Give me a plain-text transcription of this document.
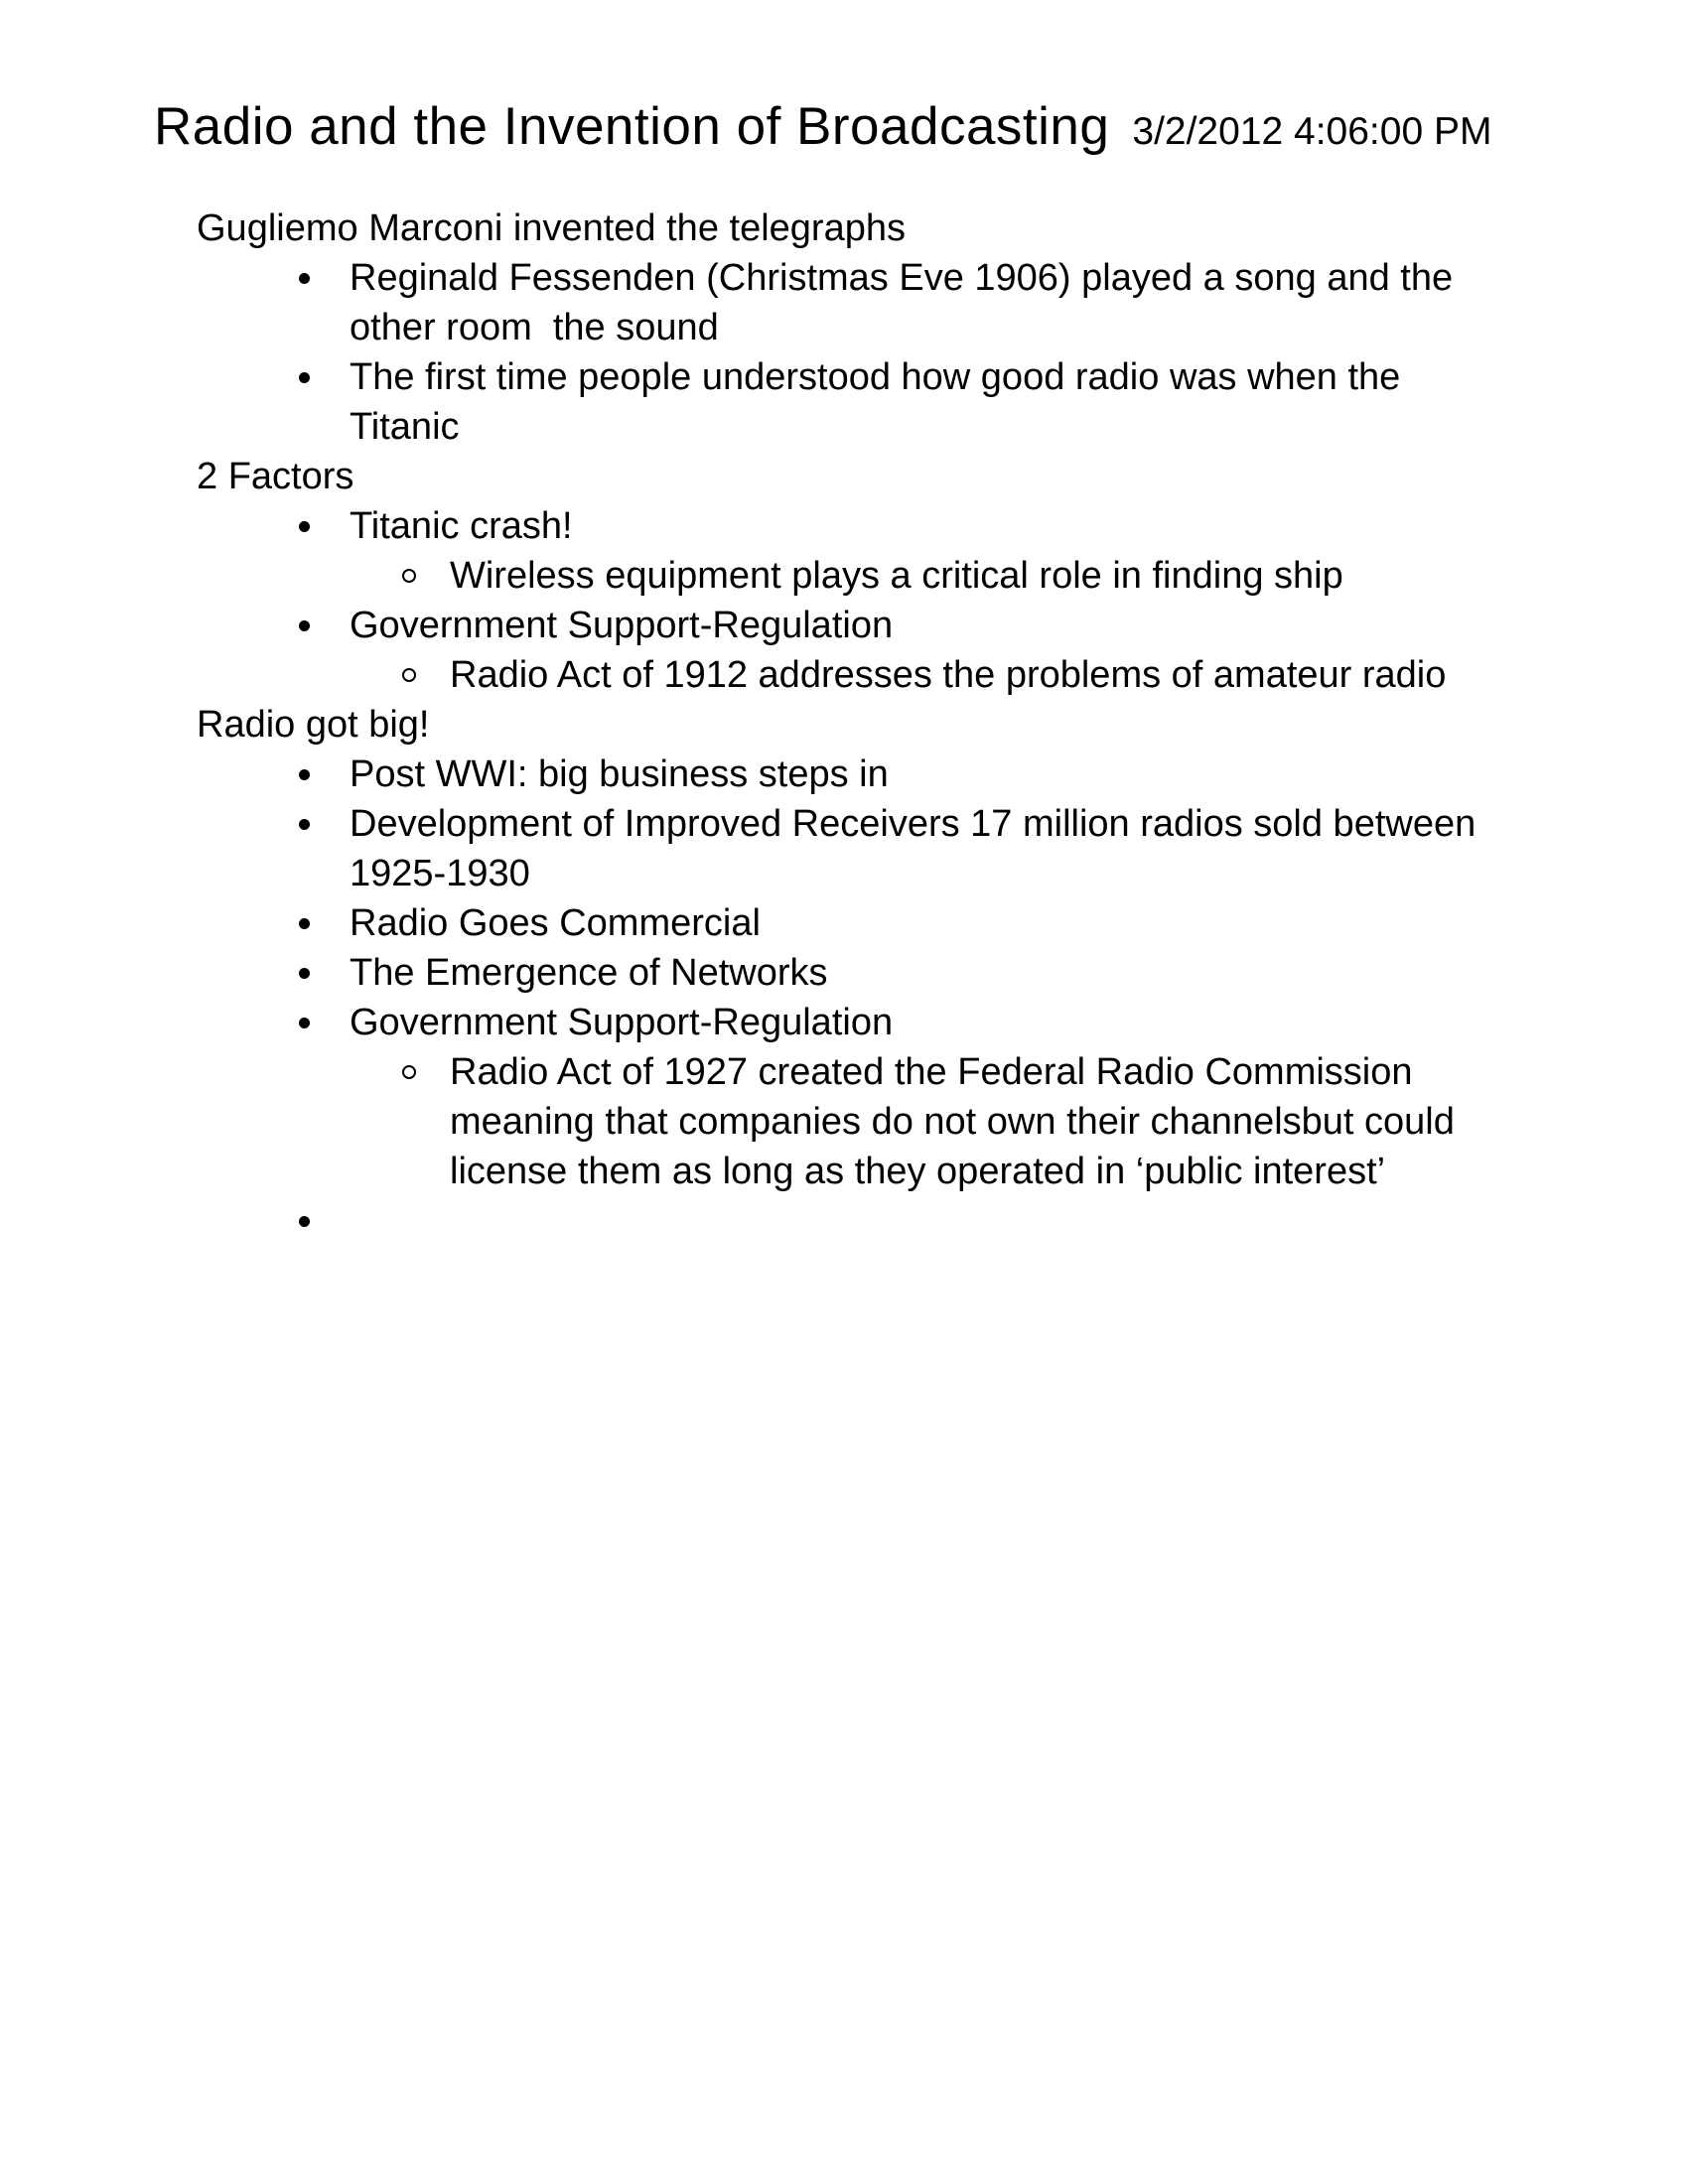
Radio and the Invention of Broadcasting 3/2/2012 4:06:00 PM
Gugliemo Marconi invented the telegraphs
Reginald Fessenden (Christmas Eve 1906) played a song and the
other room  the sound
The first time people understood how good radio was when the
Titanic
2 Factors
Titanic crash!
Wireless equipment plays a critical role in finding ship
Government Support-Regulation
Radio Act of 1912 addresses the problems of amateur radio
Radio got big!
Post WWI: big business steps in
Development of Improved Receivers 17 million radios sold between
1925-1930
Radio Goes Commercial
The Emergence of Networks
Government Support-Regulation
Radio Act of 1927 created the Federal Radio Commission
meaning that companies do not own their channelsbut could
license them as long as they operated in ‘public interest’
